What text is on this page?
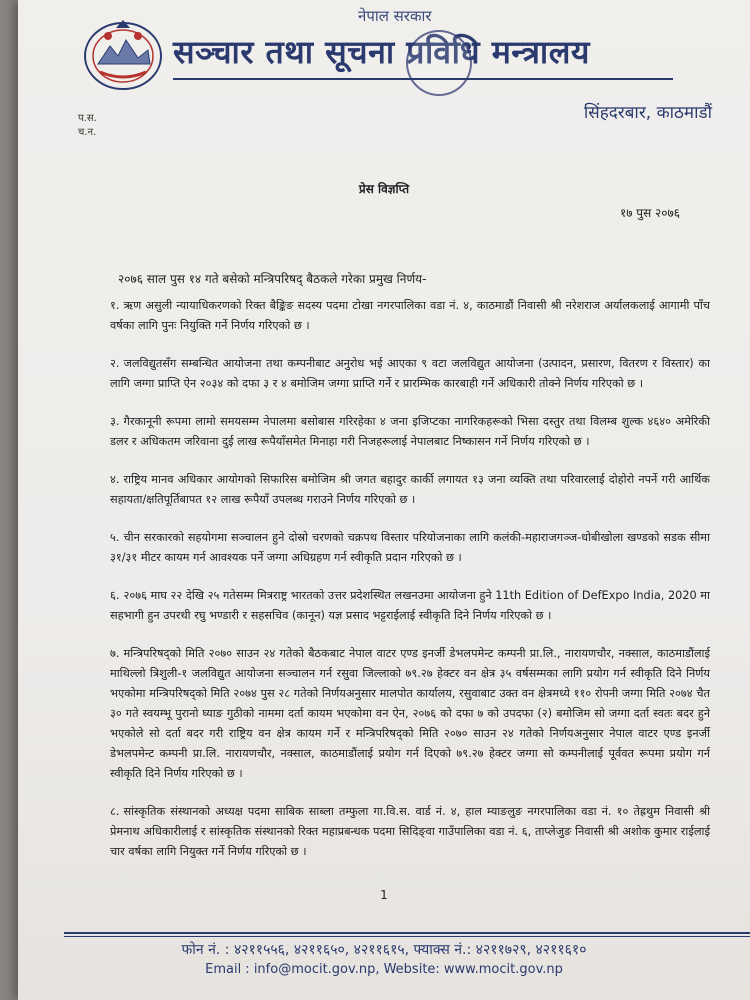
नेपाल सरकार
सञ्चार तथा सूचना प्रविधि मन्त्रालय
प.स.
च.न.
सिंहदरबार, काठमाडौं
प्रेस विज्ञप्ति
१७ पुस २०७६
२०७६ साल पुस १४ गते बसेको मन्त्रिपरिषद् बैठकले गरेका प्रमुख निर्णय-

१. ऋण असुली न्यायाधिकरणको रिक्त बैङ्किङ सदस्य पदमा टोखा नगरपालिका वडा नं. ४, काठमाडौं निवासी श्री नरेशराज अर्यालकलाई आगामी पाँच वर्षका लागि पुनः नियुक्ति गर्ने निर्णय गरिएको छ ।

२. जलविद्युतसँग सम्बन्धित आयोजना तथा कम्पनीबाट अनुरोध भई आएका ९ वटा जलविद्युत आयोजना (उत्पादन, प्रसारण, वितरण र विस्तार) का लागि जग्गा प्राप्ति ऐन २०३४ को दफा ३ र ४ बमोजिम जग्गा प्राप्ति गर्ने र प्रारम्भिक कारबाही गर्ने अधिकारी तोक्ने निर्णय गरिएको छ ।

३. गैरकानूनी रूपमा लामो समयसम्म नेपालमा बसोबास गरिरहेका ४ जना इजिप्टका नागरिकहरूको भिसा दस्तुर तथा विलम्ब शुल्क ४६४० अमेरिकी डलर र अधिकतम जरिवाना दुई लाख रूपैयाँसमेत मिनाहा गरी निजहरूलाई नेपालबाट निष्कासन गर्ने निर्णय गरिएको छ ।

४. राष्ट्रिय मानव अधिकार आयोगको सिफारिस बमोजिम श्री जगत बहादुर कार्की लगायत १३ जना व्यक्ति तथा परिवारलाई दोहोरो नपर्ने गरी आर्थिक सहायता/क्षतिपूर्तिबापत १२ लाख रूपैयाँ उपलब्ध गराउने निर्णय गरिएको छ ।

५. चीन सरकारको सहयोगमा सञ्चालन हुने दोस्रो चरणको चक्रपथ विस्तार परियोजनाका लागि कलंकी-महाराजगञ्ज-धोबीखोला खण्डको सडक सीमा ३१/३१ मीटर कायम गर्न आवश्यक पर्ने जग्गा अधिग्रहण गर्न स्वीकृति प्रदान गरिएको छ ।

६. २०७६ माघ २२ देखि २५ गतेसम्म मित्रराष्ट्र भारतको उत्तर प्रदेशस्थित लखनउमा आयोजना हुने 11th Edition of DefExpo India, 2020 मा सहभागी हुन उपरथी रघु भण्डारी र सहसचिव (कानून) यज्ञ प्रसाद भट्टराईलाई स्वीकृति दिने निर्णय गरिएको छ ।

७. मन्त्रिपरिषद्को मिति २०७० साउन २४ गतेको बैठकबाट नेपाल वाटर एण्ड इनर्जी डेभलपमेन्ट कम्पनी प्रा.लि., नारायणचौर, नक्साल, काठमाडौंलाई माथिल्लो त्रिशुली-१ जलविद्युत आयोजना सञ्चालन गर्न रसुवा जिल्लाको ७९.२७ हेक्टर वन क्षेत्र ३५ वर्षसम्मका लागि प्रयोग गर्न स्वीकृति दिने निर्णय भएकोमा मन्त्रिपरिषद्को मिति २०७४ पुस २८ गतेको निर्णयअनुसार मालपोत कार्यालय, रसुवाबाट उक्त वन क्षेत्रमध्ये ११० रोपनी जग्गा मिति २०७४ चैत ३० गते स्वयम्भू पुरानो घ्याङ गुठीको नाममा दर्ता कायम भएकोमा वन ऐन, २०७६ को दफा ७ को उपदफा (२) बमोजिम सो जग्गा दर्ता स्वतः बदर हुने भएकोले सो दर्ता बदर गरी राष्ट्रिय वन क्षेत्र कायम गर्ने र मन्त्रिपरिषद्को मिति २०७० साउन २४ गतेको निर्णयअनुसार नेपाल वाटर एण्ड इनर्जी डेभलपमेन्ट कम्पनी प्रा.लि. नारायणचौर, नक्साल, काठमाडौंलाई प्रयोग गर्न दिएको ७९.२७ हेक्टर जग्गा सो कम्पनीलाई पूर्ववत रूपमा प्रयोग गर्न स्वीकृति दिने निर्णय गरिएको छ ।

८. सांस्कृतिक संस्थानको अध्यक्ष पदमा साबिक साब्ला तम्फुला गा.वि.स. वार्ड नं. ४, हाल म्याङलुङ नगरपालिका वडा नं. १० तेह्रथुम निवासी श्री प्रेमनाथ अधिकारीलाई र सांस्कृतिक संस्थानको रिक्त महाप्रबन्धक पदमा सिदिङ्वा गाउँपालिका वडा नं. ६, ताप्लेजुङ निवासी श्री अशोक कुमार राईलाई चार वर्षका लागि नियुक्त गर्ने निर्णय गरिएको छ ।

1
फोन नं. : ४२११५५६, ४२११६५०, ४२११६१५, फ्याक्स नं.: ४२११७२९, ४२११६१०
Email : info@mocit.gov.np, Website: www.mocit.gov.np
